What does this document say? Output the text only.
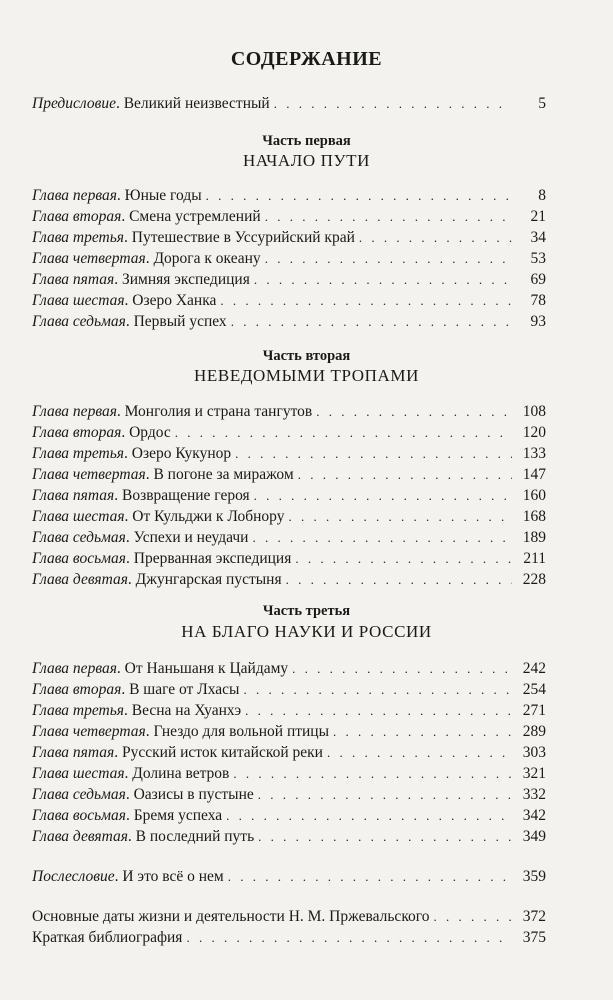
СОДЕРЖАНИЕ
Предисловие. Великий неизвестный . . .	5
Часть первая
НАЧАЛО ПУТИ
Глава первая. Юные годы . . .	8
Глава вторая. Смена устремлений . . .	21
Глава третья. Путешествие в Уссурийский край . . .	34
Глава четвертая. Дорога к океану . . .	53
Глава пятая. Зимняя экспедиция . . .	69
Глава шестая. Озеро Ханка . . .	78
Глава седьмая. Первый успех . . .	93
Часть вторая
НЕВЕДОМЫМИ ТРОПАМИ
Глава первая. Монголия и страна тангутов . . .	108
Глава вторая. Ордос . . .	120
Глава третья. Озеро Кукунор . . .	133
Глава четвертая. В погоне за миражом . . .	147
Глава пятая. Возвращение героя . . .	160
Глава шестая. От Кульджи к Лобнору . . .	168
Глава седьмая. Успехи и неудачи . . .	189
Глава восьмая. Прерванная экспедиция . . .	211
Глава девятая. Джунгарская пустыня . . .	228
Часть третья
НА БЛАГО НАУКИ И РОССИИ
Глава первая. От Наньшаня к Цайдаму . . .	242
Глава вторая. В шаге от Лхасы . . .	254
Глава третья. Весна на Хуанхэ . . .	271
Глава четвертая. Гнездо для вольной птицы . . .	289
Глава пятая. Русский исток китайской реки . . .	303
Глава шестая. Долина ветров . . .	321
Глава седьмая. Оазисы в пустыне . . .	332
Глава восьмая. Бремя успеха . . .	342
Глава девятая. В последний путь . . .	349
Послесловие. И это всё о нем . . .	359
Основные даты жизни и деятельности Н. М. Пржевальского . . .	372
Краткая библиография . . .	375
